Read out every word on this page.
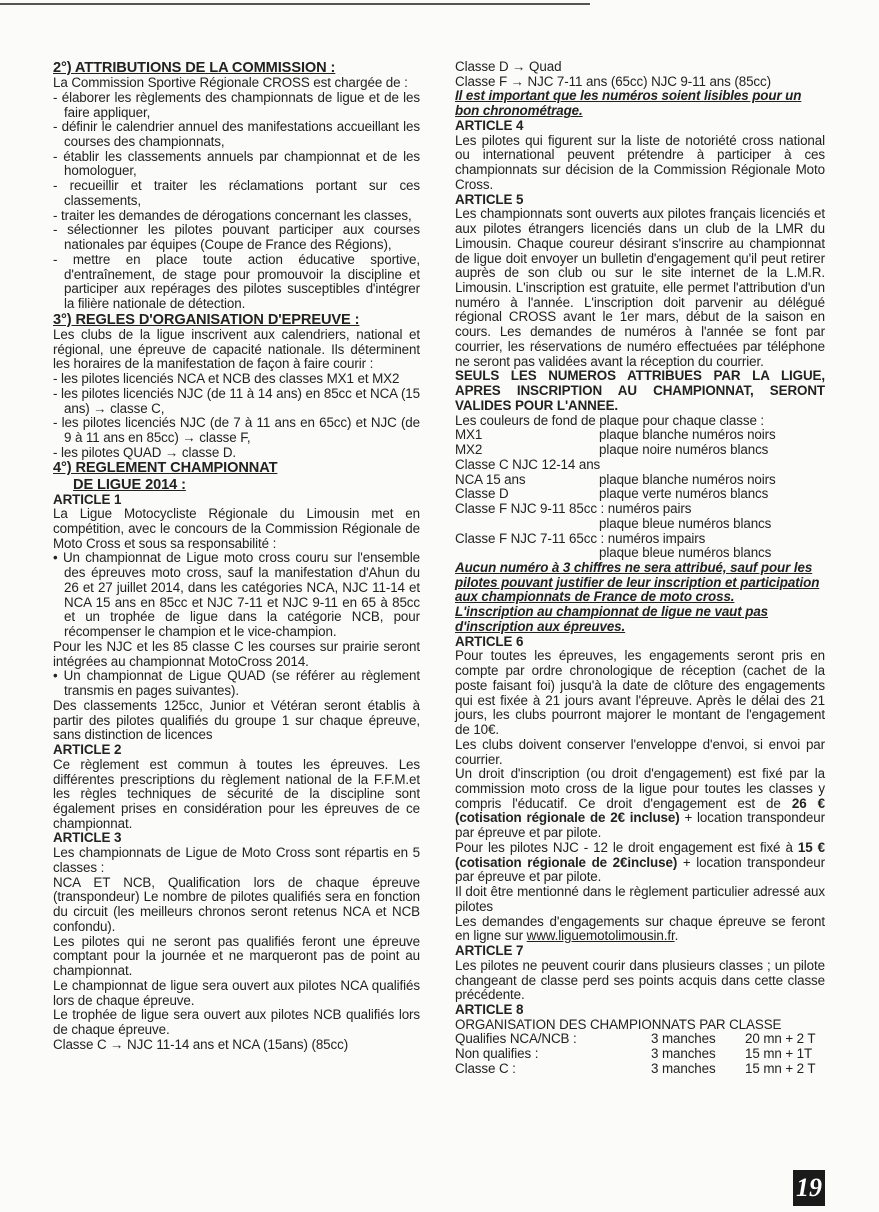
2°) ATTRIBUTIONS DE LA COMMISSION :

La Commission Sportive Régionale CROSS est chargée de :

- élaborer les règlements des championnats de ligue et de les faire appliquer,
- définir le calendrier annuel des manifestations accueillant les courses des championnats,
- établir les classements annuels par championnat et de les homologuer,
- recueillir et traiter les réclamations portant sur ces classements,
- traiter les demandes de dérogations concernant les classes,
- sélectionner les pilotes pouvant participer aux courses nationales par équipes (Coupe de France des Régions),
- mettre en place toute action éducative sportive, d'entraînement, de stage pour promouvoir la discipline et participer aux repérages des pilotes susceptibles d'intégrer la filière nationale de détection.

3°) REGLES D'ORGANISATION D'EPREUVE :

Les clubs de la ligue inscrivent aux calendriers, national et régional, une épreuve de capacité nationale. Ils déterminent les horaires de la manifestation de façon à faire courir :

- les pilotes licenciés NCA et NCB des classes MX1 et MX2
- les pilotes licenciés NJC (de 11 à 14 ans) en 85cc et NCA (15 ans) → classe C,
- les pilotes licenciés NJC (de 7 à 11 ans en 65cc) et NJC (de 9 à 11 ans en 85cc) → classe F,
- les pilotes QUAD → classe D.

4°) REGLEMENT CHAMPIONNAT

DE LIGUE 2014 :

ARTICLE 1

La Ligue Motocycliste Régionale du Limousin met en compétition, avec le concours de la Commission Régionale de Moto Cross et sous sa responsabilité :

• Un championnat de Ligue moto cross couru sur l'ensemble des épreuves moto cross, sauf la manifestation d'Ahun du 26 et 27 juillet 2014, dans les catégories NCA, NJC 11-14 et NCA 15 ans en 85cc et NJC 7-11 et NJC 9-11 en 65 à 85cc et un trophée de ligue dans la catégorie NCB, pour récompenser le champion et le vice-champion.

Pour les NJC et les 85 classe C les courses sur prairie seront intégrées au championnat MotoCross 2014.

• Un championnat de Ligue QUAD (se référer au règlement transmis en pages suivantes).

Des classements 125cc, Junior et Vétéran seront établis à partir des pilotes qualifiés du groupe 1 sur chaque épreuve, sans distinction de licences

ARTICLE 2

Ce règlement est commun à toutes les épreuves. Les différentes prescriptions du règlement national de la F.F.M.et les règles techniques de sécurité de la discipline sont également prises en considération pour les épreuves de ce championnat.

ARTICLE 3

Les championnats de Ligue de Moto Cross sont répartis en 5 classes :

NCA ET NCB, Qualification lors de chaque épreuve (transpondeur) Le nombre de pilotes qualifiés sera en fonction du circuit (les meilleurs chronos seront retenus NCA et NCB confondu).

Les pilotes qui ne seront pas qualifiés feront une épreuve comptant pour la journée et ne marqueront pas de point au championnat.

Le championnat de ligue sera ouvert aux pilotes NCA qualifiés lors de chaque épreuve.

Le trophée de ligue sera ouvert aux pilotes NCB qualifiés lors de chaque épreuve.

Classe C → NJC 11-14 ans et NCA (15ans) (85cc)

Classe D → Quad

Classe F → NJC 7-11 ans (65cc) NJC 9-11 ans (85cc)

Il est important que les numéros soient lisibles pour un bon chronométrage.

ARTICLE 4

Les pilotes qui figurent sur la liste de notoriété cross national ou international peuvent prétendre à participer à ces championnats sur décision de la Commission Régionale Moto Cross.

ARTICLE 5

Les championnats sont ouverts aux pilotes français licenciés et aux pilotes étrangers licenciés dans un club de la LMR du Limousin. Chaque coureur désirant s'inscrire au championnat de ligue doit envoyer un bulletin d'engagement qu'il peut retirer auprès de son club ou sur le site internet de la L.M.R. Limousin. L'inscription est gratuite, elle permet l'attribution d'un numéro à l'année. L'inscription doit parvenir au délégué régional CROSS avant le 1er mars, début de la saison en cours. Les demandes de numéros à l'année se font par courrier, les réservations de numéro effectuées par téléphone ne seront pas validées avant la réception du courrier.

SEULS LES NUMEROS ATTRIBUES PAR LA LIGUE, APRES INSCRIPTION AU CHAMPIONNAT, SERONT VALIDES POUR L'ANNEE.

Les couleurs de fond de plaque pour chaque classe :

MX1	plaque blanche numéros noirs
MX2	plaque noire numéros blancs
Classe C NJC 12-14 ans
NCA 15 ans	plaque blanche numéros noirs
Classe D	plaque verte numéros blancs

Classe F NJC 9-11 85cc : numéros pairs

plaque bleue numéros blancs

Classe F NJC 7-11 65cc : numéros impairs

plaque bleue numéros blancs

Aucun numéro à 3 chiffres ne sera attribué, sauf pour les pilotes pouvant justifier de leur inscription et participation aux championnats de France de moto cross.

L'inscription au championnat de ligue ne vaut pas d'inscription aux épreuves.

ARTICLE 6

Pour toutes les épreuves, les engagements seront pris en compte par ordre chronologique de réception (cachet de la poste faisant foi) jusqu'à la date de clôture des engagements qui est fixée à 21 jours avant l'épreuve. Après le délai des 21 jours, les clubs pourront majorer le montant de l'engagement de 10€.

Les clubs doivent conserver l'enveloppe d'envoi, si envoi par courrier.

Un droit d'inscription (ou droit d'engagement) est fixé par la commission moto cross de la ligue pour toutes les classes y compris l'éducatif. Ce droit d'engagement est de 26 €(cotisation régionale de 2€ incluse) + location transpondeur par épreuve et par pilote.

Pour les pilotes NJC - 12 le droit engagement est fixé à 15 €(cotisation régionale de 2€incluse) + location transpondeur par épreuve et par pilote.

Il doit être mentionné dans le règlement particulier adressé aux pilotes

Les demandes d'engagements sur chaque épreuve se feront en ligne sur www.liguemotolimousin.fr.

ARTICLE 7

Les pilotes ne peuvent courir dans plusieurs classes ; un pilote changeant de classe perd ses points acquis dans cette classe précédente.

ARTICLE 8

ORGANISATION DES CHAMPIONNATS PAR CLASSE

Qualifies NCA/NCB :	3 manches	20 mn + 2 T
Non qualifies :	3 manches	15 mn + 1T
Classe C :	3 manches	15 mn + 2 T
19
